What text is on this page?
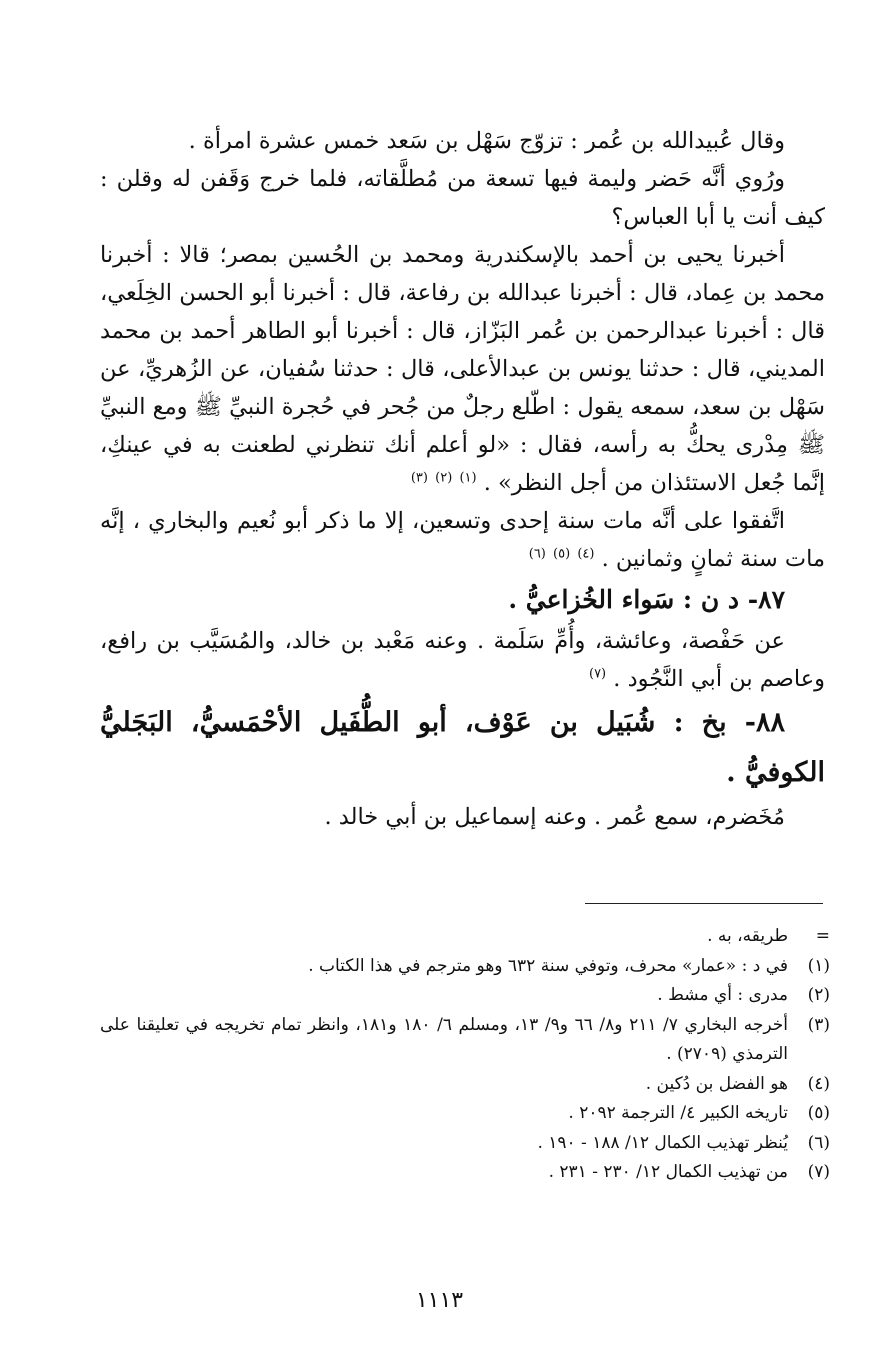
وقال عُبيدالله بن عُمر : تزوّج سَهْل بن سَعد خمس عشرة امرأة .

ورُوي أنَّه حَضر وليمة فيها تسعة من مُطلَّقاته، فلما خرج وَقَفن له وقلن : كيف أنت يا أبا العباس؟

أخبرنا يحيى بن أحمد بالإسكندرية ومحمد بن الحُسين بمصر؛ قالا : أخبرنا محمد بن عِماد، قال : أخبرنا عبدالله بن رفاعة، قال : أخبرنا أبو الحسن الخِلَعي، قال : أخبرنا عبدالرحمن بن عُمر البَزّاز، قال : أخبرنا أبو الطاهر أحمد بن محمد المديني، قال : حدثنا يونس بن عبدالأعلى، قال : حدثنا سُفيان، عن الزُهريِّ، عن سَهْل بن سعد، سمعه يقول : اطّلع رجلٌ من جُحر في حُجرة النبيِّ ﷺ ومع النبيِّ ﷺ مِدْرى يحكُّ به رأسه، فقال : «لو أعلم أنك تنظرني لطعنت به في عينكِ، إنَّما جُعل الاستئذان من أجل النظر» . $^{(١)}$ $^{(٢)}$ $^{(٣)}$

اتَّفقوا على أنَّه مات سنة إحدى وتسعين، إلا ما ذكر أبو نُعيم والبخاري ، إنَّه مات سنة ثمانٍ وثمانين . $^{(٤)}$ $^{(٥)}$ $^{(٦)}$

٨٧- د ن : سَواء الخُزاعيُّ .

عن حَفْصة، وعائشة، وأُمِّ سَلَمة . وعنه مَعْبد بن خالد، والمُسَيَّب بن رافع، وعاصم بن أبي النَّجُود . $^{(٧)}$

٨٨- بخ : شُبَيل بن عَوْف، أبو الطُّفَيل الأحْمَسيُّ، البَجَليُّ الكوفيُّ .

مُخَضرم، سمع عُمر . وعنه إسماعيل بن أبي خالد .

=
طريقه، به .
(١)
في د : «عمار» محرف، وتوفي سنة ٦٣٢ وهو مترجم في هذا الكتاب .
(٢)
مدرى : أي مشط .
(٣)
أخرجه البخاري ٧/ ٢١١ و٨/ ٦٦ و٩/ ١٣، ومسلم ٦/ ١٨٠ و١٨١، وانظر تمام تخريجه في تعليقنا على الترمذي (٢٧٠٩) .
(٤)
هو الفضل بن دُكين .
(٥)
تاريخه الكبير ٤/ الترجمة ٢٠٩٢ .
(٦)
يُنظر تهذيب الكمال ١٢/ ١٨٨ - ١٩٠ .
(٧)
من تهذيب الكمال ١٢/ ٢٣٠ - ٢٣١ .
١١١٣
